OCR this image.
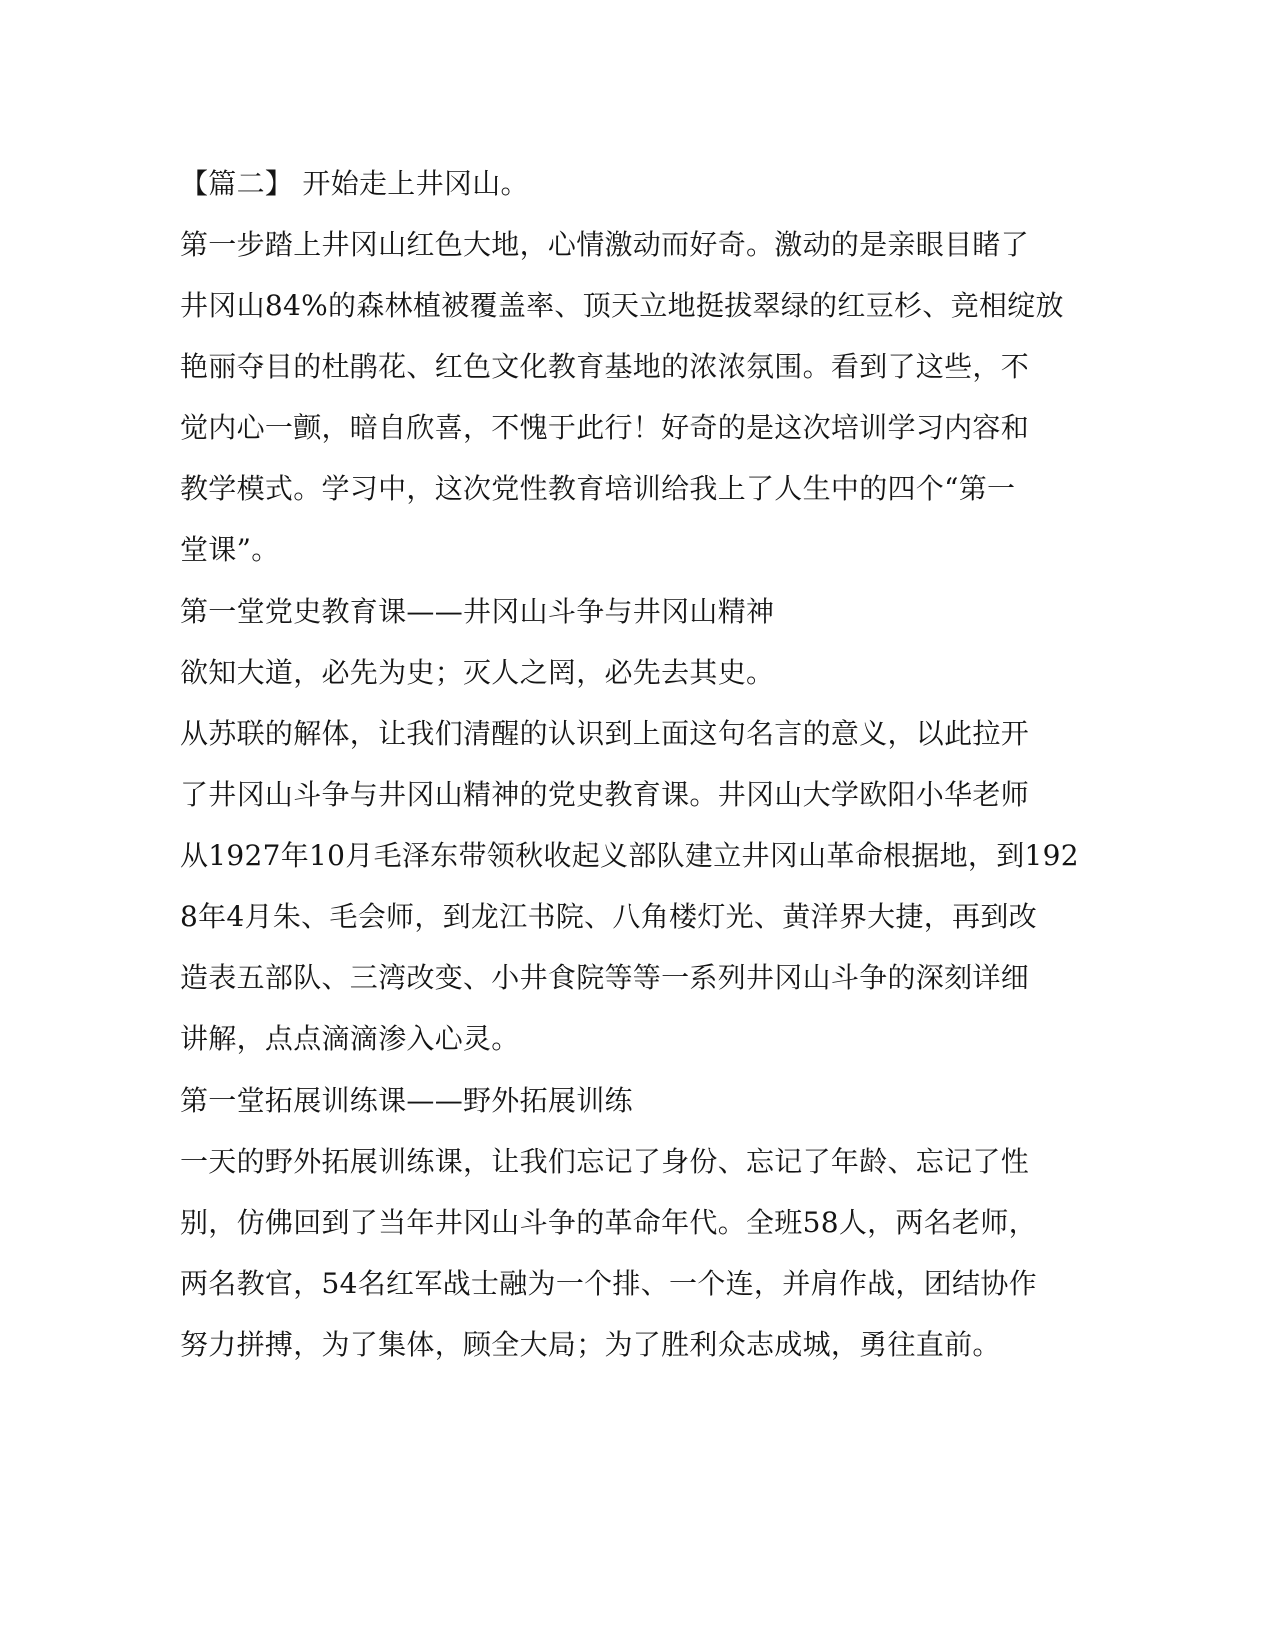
【篇二】 开始走上井冈山。
第一步踏上井冈山红色大地，心情激动而好奇。激动的是亲眼目睹了
井冈山84%的森林植被覆盖率、顶天立地挺拔翠绿的红豆杉、竞相绽放
艳丽夺目的杜鹃花、红色文化教育基地的浓浓氛围。看到了这些，不
觉内心一颤，暗自欣喜，不愧于此行！好奇的是这次培训学习内容和
教学模式。学习中，这次党性教育培训给我上了人生中的四个“第一
堂课”。
第一堂党史教育课——井冈山斗争与井冈山精神
欲知大道，必先为史；灭人之罔，必先去其史。
从苏联的解体，让我们清醒的认识到上面这句名言的意义，以此拉开
了井冈山斗争与井冈山精神的党史教育课。井冈山大学欧阳小华老师
从1927年10月毛泽东带领秋收起义部队建立井冈山革命根据地，到192
8年4月朱、毛会师，到龙江书院、八角楼灯光、黄洋界大捷，再到改
造表五部队、三湾改变、小井食院等等一系列井冈山斗争的深刻详细
讲解，点点滴滴渗入心灵。
第一堂拓展训练课——野外拓展训练
一天的野外拓展训练课，让我们忘记了身份、忘记了年龄、忘记了性
别，仿佛回到了当年井冈山斗争的革命年代。全班58人，两名老师，
两名教官，54名红军战士融为一个排、一个连，并肩作战，团结协作
努力拼搏，为了集体，顾全大局；为了胜利众志成城，勇往直前。
